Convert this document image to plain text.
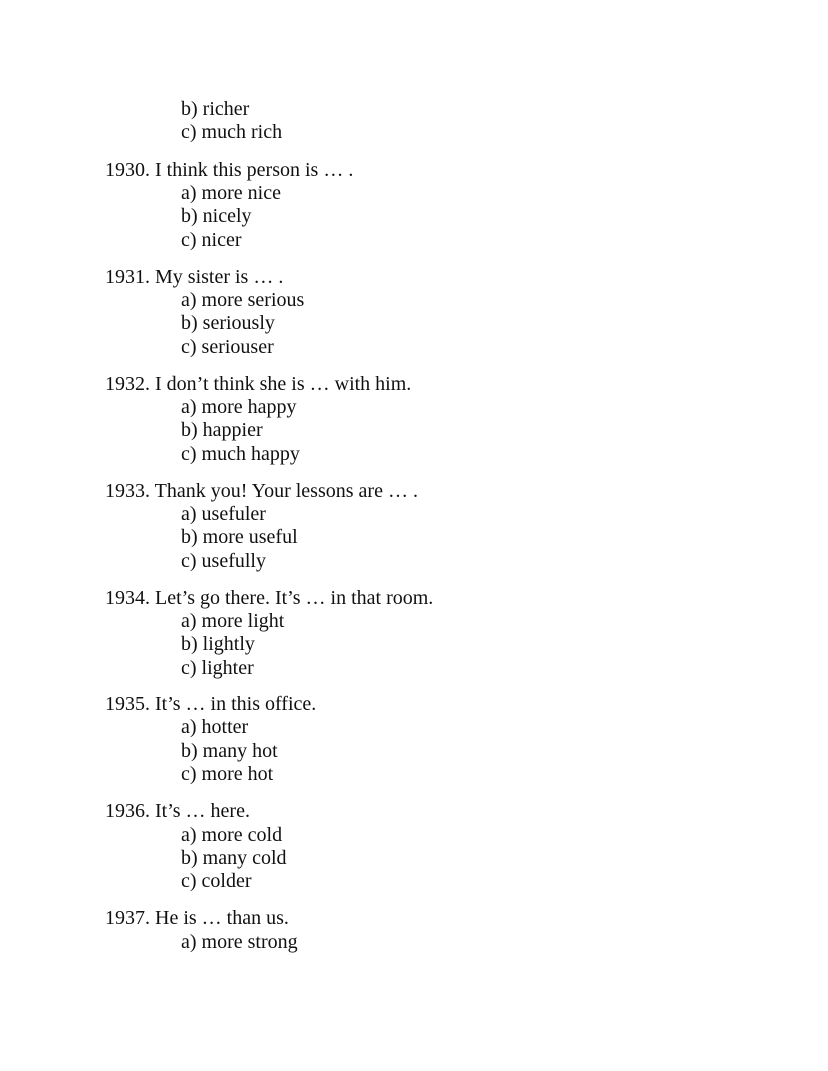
b) richer
c) much rich
1930. I think this person is … .
a) more nice
b) nicely
c) nicer
1931. My sister is … .
a) more serious
b) seriously
c) seriouser
1932. I don’t think she is … with him.
a) more happy
b) happier
c) much happy
1933. Thank you! Your lessons are … .
a) usefuler
b) more useful
c) usefully
1934. Let’s go there. It’s … in that room.
a) more light
b) lightly
c) lighter
1935. It’s … in this office.
a) hotter
b) many hot
c) more hot
1936. It’s … here.
a) more cold
b) many cold
c) colder
1937. He is … than us.
a) more strong
